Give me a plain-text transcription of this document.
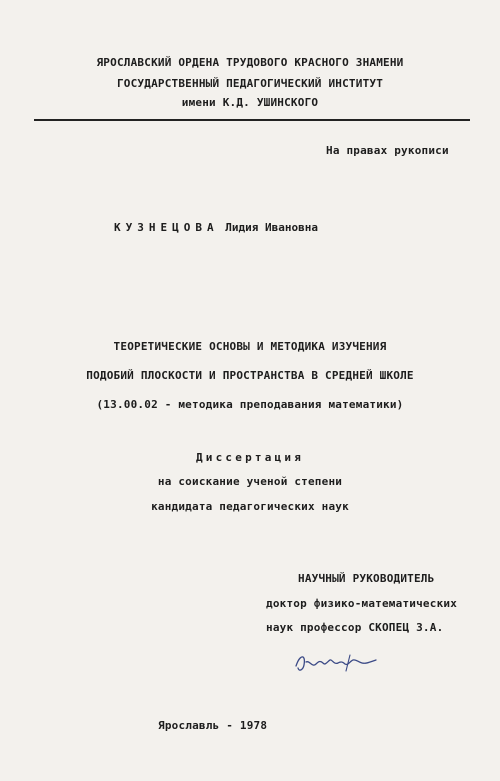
ЯРОСЛАВСКИЙ ОРДЕНА ТРУДОВОГО КРАСНОГО ЗНАМЕНИ
ГОСУДАРСТВЕННЫЙ ПЕДАГОГИЧЕСКИЙ ИНСТИТУТ
имени К.Д. УШИНСКОГО
На правах рукописи
КУЗНЕЦОВА Лидия Ивановна
ТЕОРЕТИЧЕСКИЕ ОСНОВЫ И МЕТОДИКА ИЗУЧЕНИЯ
ПОДОБИЙ ПЛОСКОСТИ И ПРОСТРАНСТВА В СРЕДНЕЙ ШКОЛЕ
(13.00.02 - методика преподавания математики)
Диссертация
на соискание ученой степени
кандидата педагогических наук
НАУЧНЫЙ РУКОВОДИТЕЛЬ
доктор физико-математических
наук профессор СКОПЕЦ З.А.
Ярославль - 1978
